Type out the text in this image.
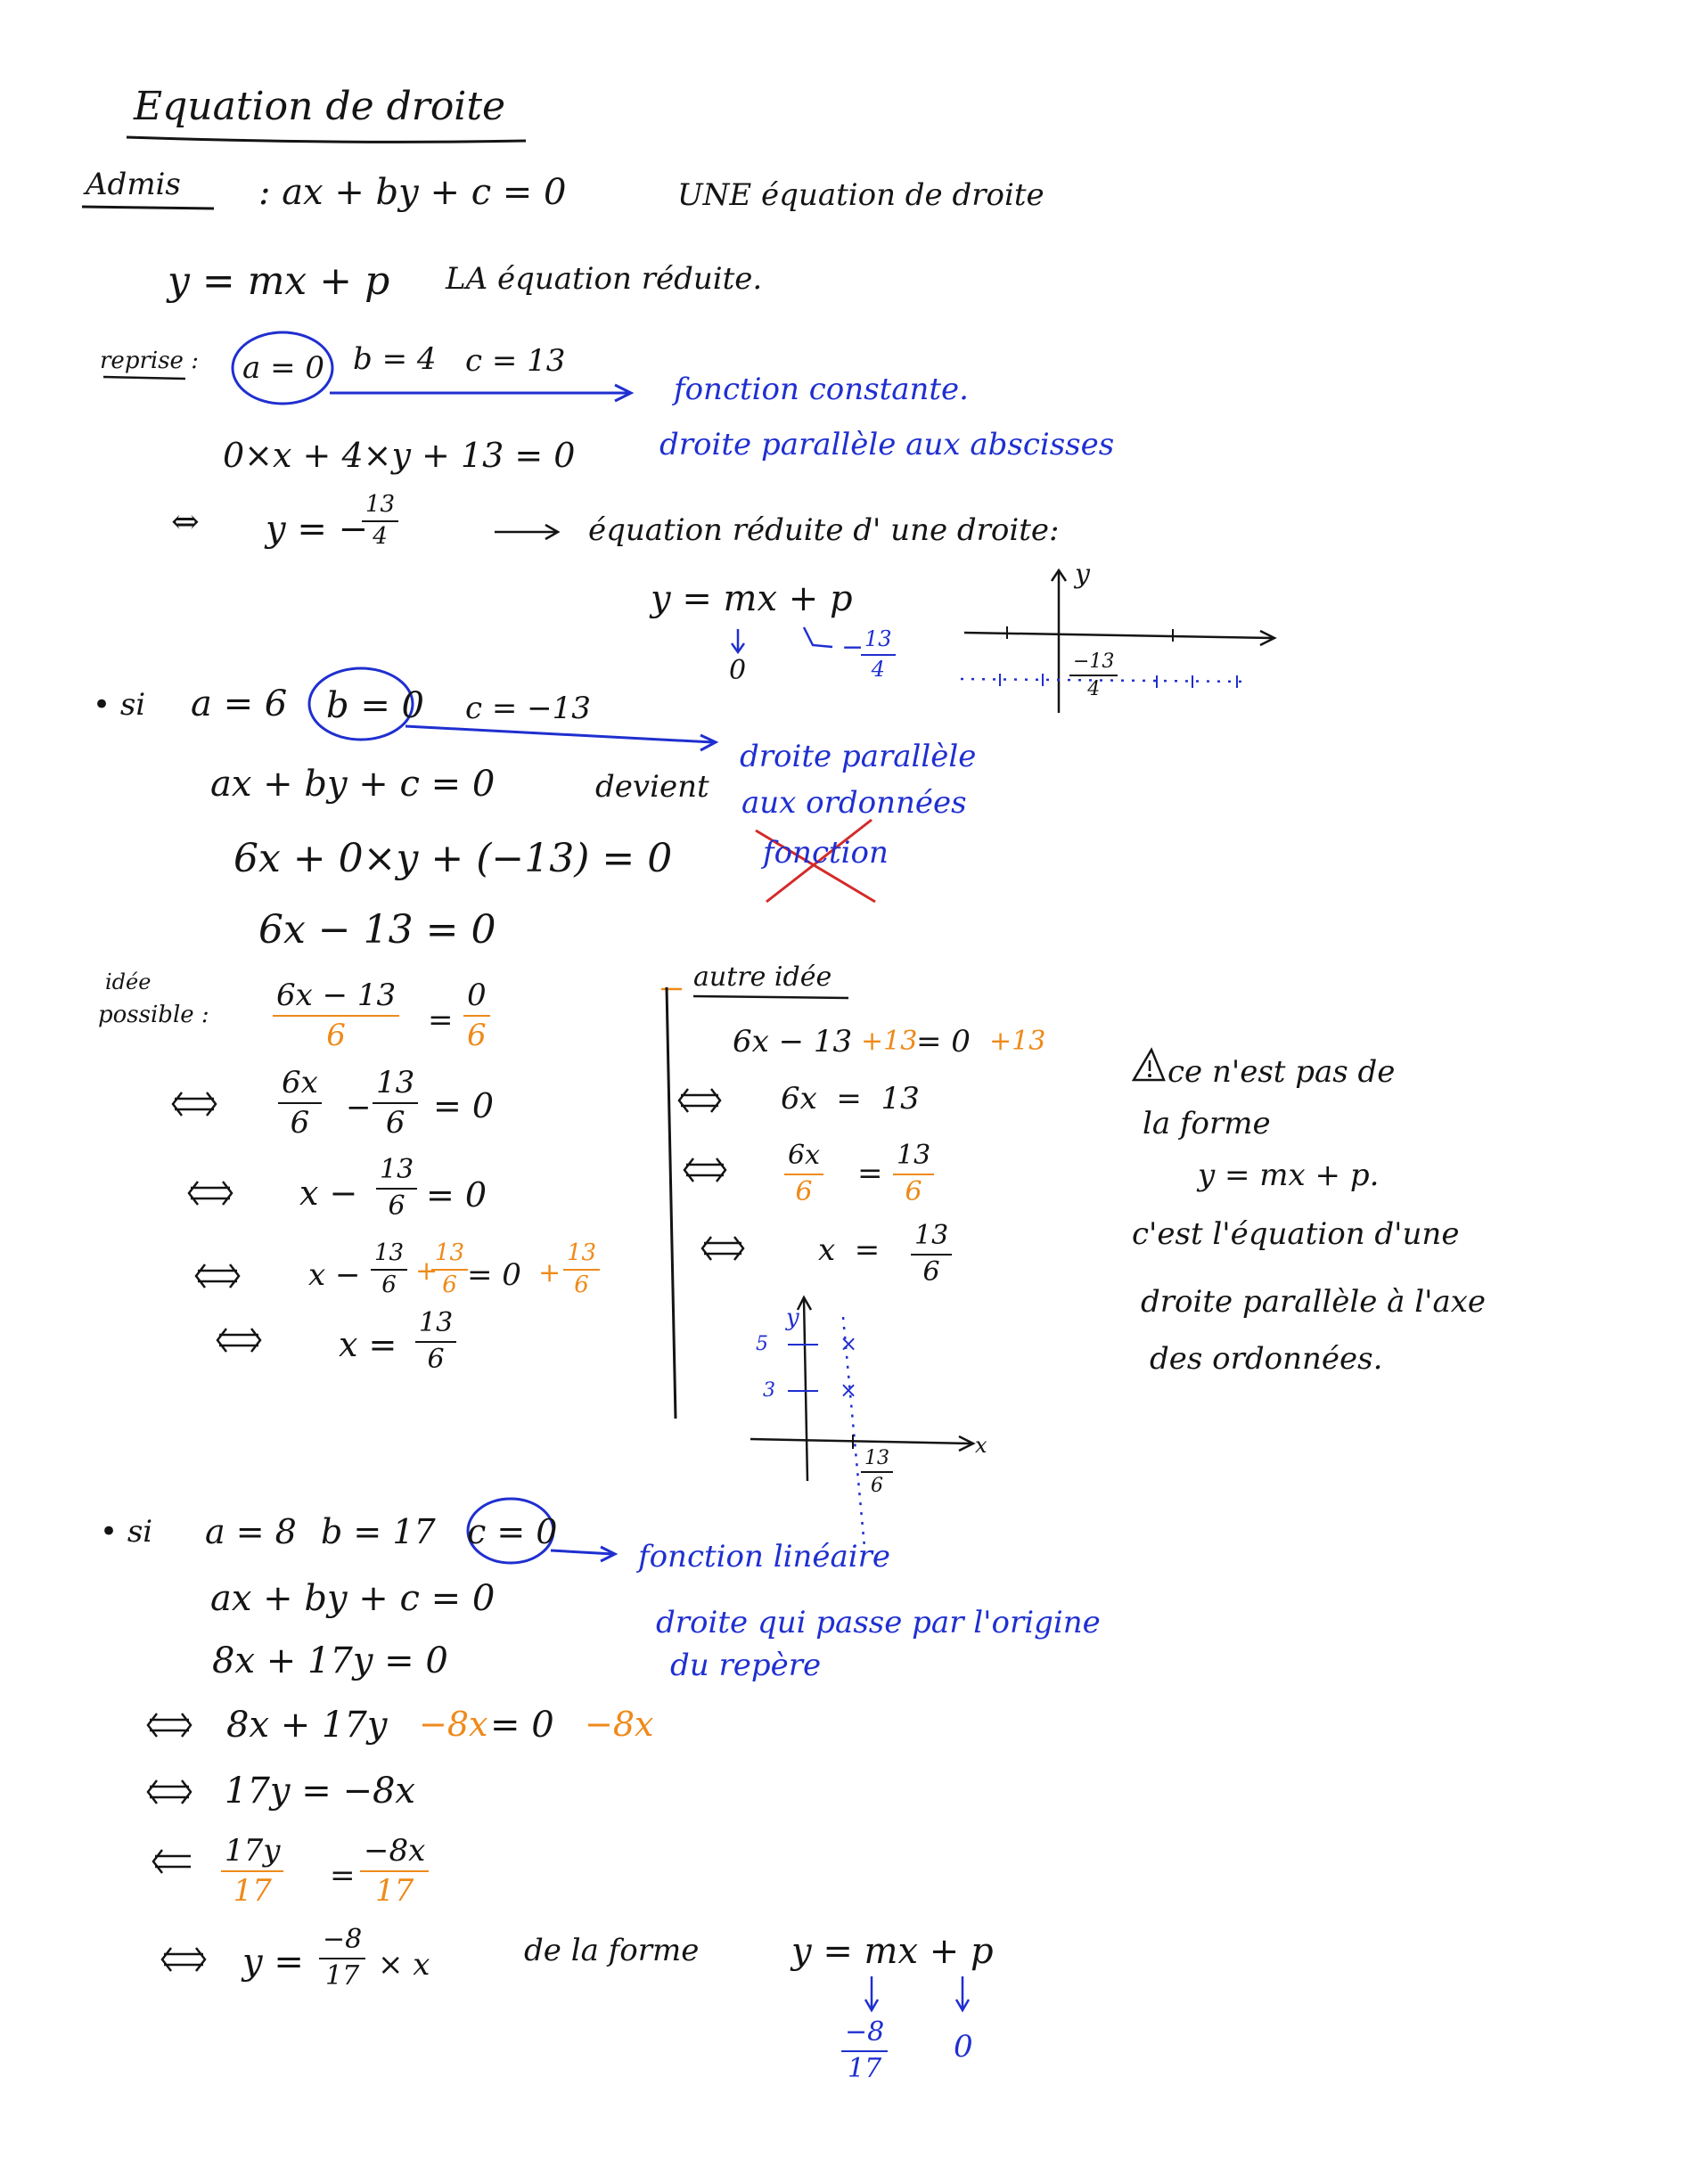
Equation de droite
Admis : ax + by + c = 0	UNE équation de droite
y = mx + p LA équation réduite.
reprise : a = 0 b = 4 c = 13
fonction constante.
droite parallèle aux abscisses
0×x + 4×y + 13 = 0
⇔ y = −
$\frac{13}{4}$	équation réduite d' une droite:
y = mx + p
0
−
$\frac{13}{4}$
y
$\frac{-13}{4}$
• si a = 6 b = 0 c = −13
droite parallèle
aux ordonnées
fonction
ax + by + c = 0	devient
6x + 0×y + (−13) = 0
6x − 13 = 0
idée
possible : $\frac{6x - 13}{6} = \frac{0}{6}$
$\frac{6x}{6} - \frac{13}{6} = 0$
$x - \frac{13}{6} = 0$
$x - \frac{13}{6}$ +
$\frac{13}{6}$
= $0 + \frac{13}{6}$
$x = \frac{13}{6}$
autre idée
6x − 13 +13
= 0 +13
6x  =  13
$\frac{6x}{6} = \frac{13}{6}$
$x = \frac{13}{6}$
y
x
5
3
×
×
$\frac{13}{6}$
ce n'est pas de
la forme
y = mx + p.
c'est l'équation d'une
droite parallèle à l'axe
des ordonnées.
• si a = 8 b = 17 c = 0
fonction linéaire
droite qui passe par l'origine
du repère
ax + by + c = 0
8x + 17y = 0
8x + 17y −8x = 0 −8x
17y = −8x
$\frac{17y}{17} = \frac{-8x}{17}$
$y = \frac{-8}{17} \times x$	de la forme	y = mx + p
$\frac{-8}{17} 0$
